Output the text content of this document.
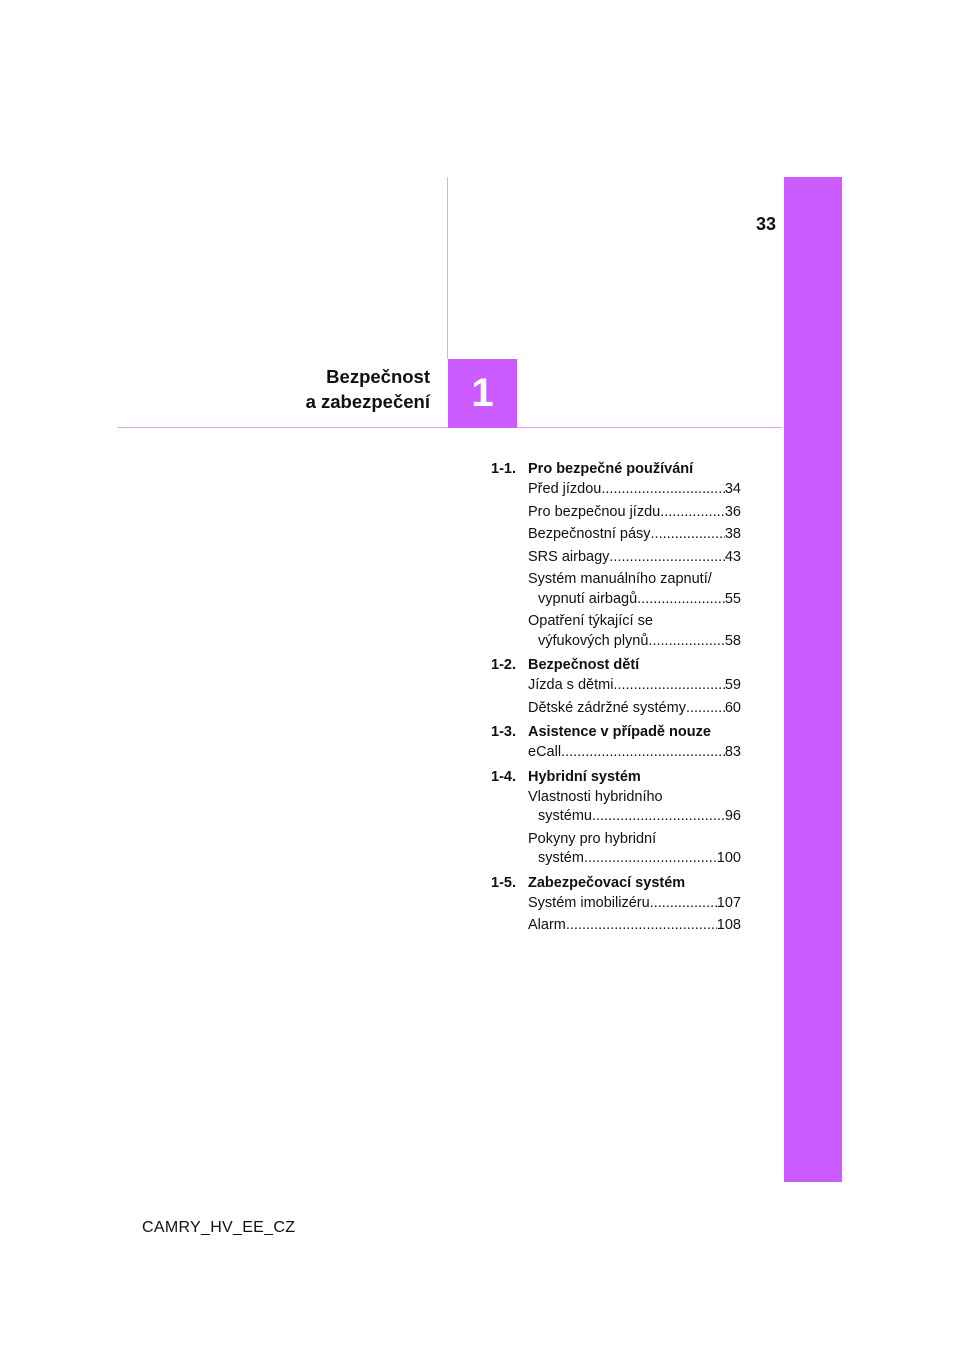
33
1
Bezpečnost
a zabezpečení
1-1. Pro bezpečné používání
Před jízdou .....	34
Pro bezpečnou jízdu .....	36
Bezpečnostní pásy .....	38
SRS airbagy .....	43
Systém manuálního zapnutí/
vypnutí airbagů .....	55
Opatření týkající se
výfukových plynů .....	58
1-2. Bezpečnost dětí
Jízda s dětmi .....	59
Dětské zádržné systémy .....	60
1-3. Asistence v případě nouze
eCall .....	83
1-4. Hybridní systém
Vlastnosti hybridního
systému .....	96
Pokyny pro hybridní
systém .....	100
1-5. Zabezpečovací systém
Systém imobilizéru .....	107
Alarm .....	108
CAMRY_HV_EE_CZ
